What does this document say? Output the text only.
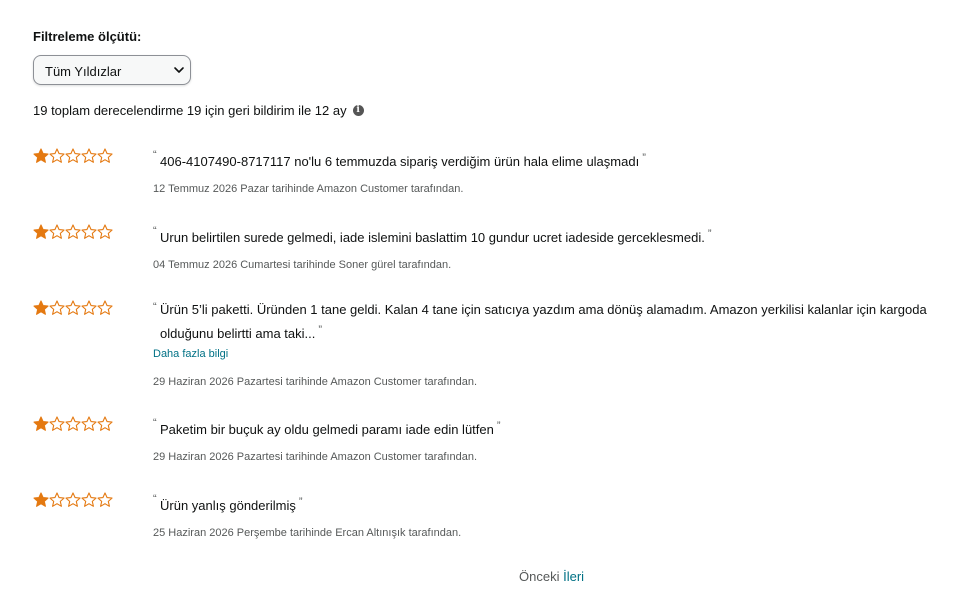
Filtreleme ölçütü:
Tüm Yıldızlar
19 toplam derecelendirme 19 için geri bildirim ile 12 ay	i
“ 406-4107490-8717117 no'lu 6 temmuzda sipariş verdiğim ürün hala elime ulaşmadı ”
12 Temmuz 2026 Pazar tarihinde Amazon Customer tarafından.
“ Urun belirtilen surede gelmedi, iade islemini baslattim 10 gundur ucret iadeside gerceklesmedi. ”
04 Temmuz 2026 Cumartesi tarihinde Soner gürel tarafından.
“ Ürün 5’li paketti. Üründen 1 tane geldi. Kalan 4 tane için satıcıya yazdım ama dönüş alamadım. Amazon yerkilisi kalanlar için kargoda olduğunu belirtti ama taki... ”
Daha fazla bilgi
29 Haziran 2026 Pazartesi tarihinde Amazon Customer tarafından.
“ Paketim bir buçuk ay oldu gelmedi paramı iade edin lütfen ”
29 Haziran 2026 Pazartesi tarihinde Amazon Customer tarafından.
“ Ürün yanlış gönderilmiş ”
25 Haziran 2026 Perşembe tarihinde Ercan Altınışık tarafından.
Önceki İleri
